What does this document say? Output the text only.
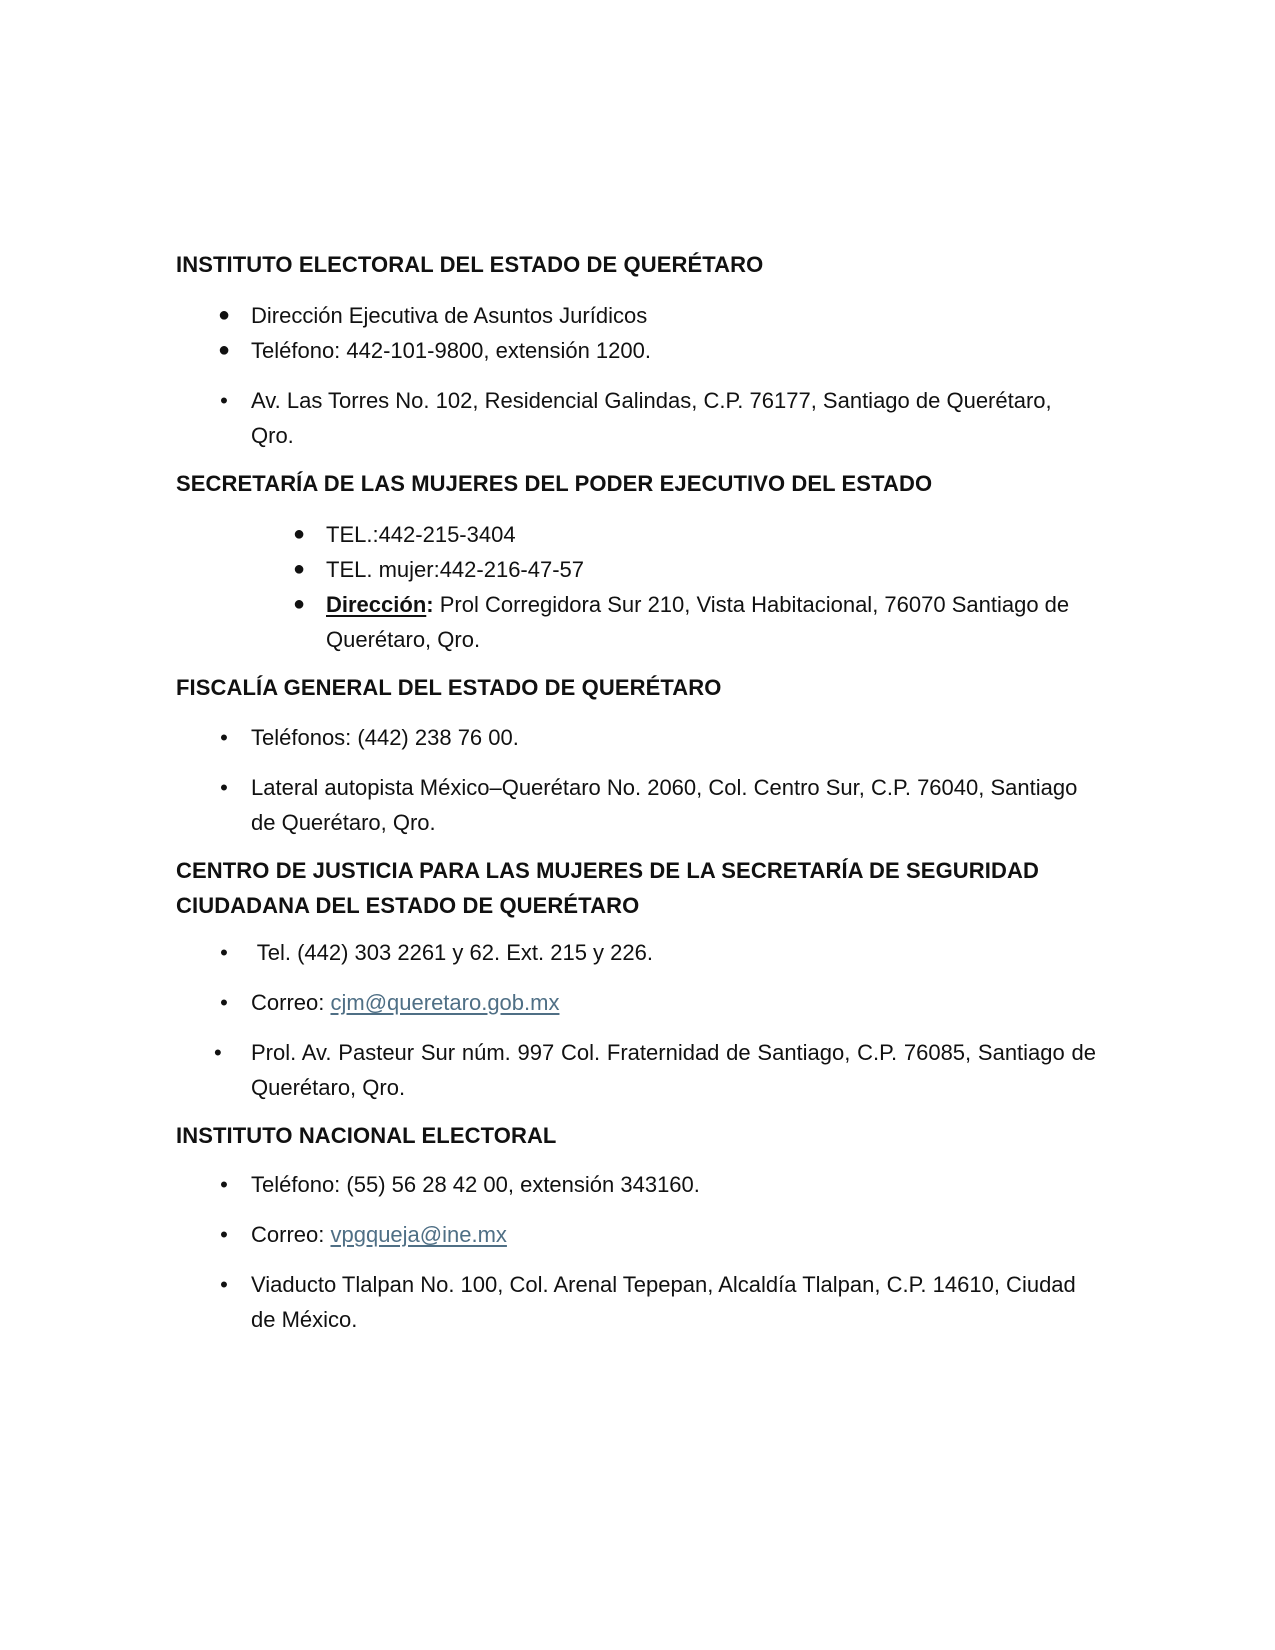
INSTITUTO ELECTORAL DEL ESTADO DE QUERÉTARO
● Dirección Ejecutiva de Asuntos Jurídicos
● Teléfono: 442-101-9800, extensión 1200.
• Av. Las Torres No. 102, Residencial Galindas, C.P. 76177, Santiago de Querétaro, Qro.
SECRETARÍA DE LAS MUJERES DEL PODER EJECUTIVO DEL ESTADO
● TEL.:442-215-3404
● TEL. mujer:442-216-47-57
● Dirección: Prol Corregidora Sur 210, Vista Habitacional, 76070 Santiago de Querétaro, Qro.
FISCALÍA GENERAL DEL ESTADO DE QUERÉTARO
• Teléfonos: (442) 238 76 00.
• Lateral autopista México–Querétaro No. 2060, Col. Centro Sur, C.P. 76040, Santiago de Querétaro, Qro.
CENTRO DE JUSTICIA PARA LAS MUJERES DE LA SECRETARÍA DE SEGURIDAD CIUDADANA DEL ESTADO DE QUERÉTARO
• Tel. (442) 303 2261 y 62. Ext. 215 y 226.
• Correo: cjm@queretaro.gob.mx
•	Prol. Av. Pasteur Sur núm. 997 Col. Fraternidad de Santiago, C.P. 76085, Santiago de Querétaro, Qro.
INSTITUTO NACIONAL ELECTORAL
• Teléfono: (55) 56 28 42 00, extensión 343160.
• Correo: vpgqueja@ine.mx
• Viaducto Tlalpan No. 100, Col. Arenal Tepepan, Alcaldía Tlalpan, C.P. 14610, Ciudad de México.
